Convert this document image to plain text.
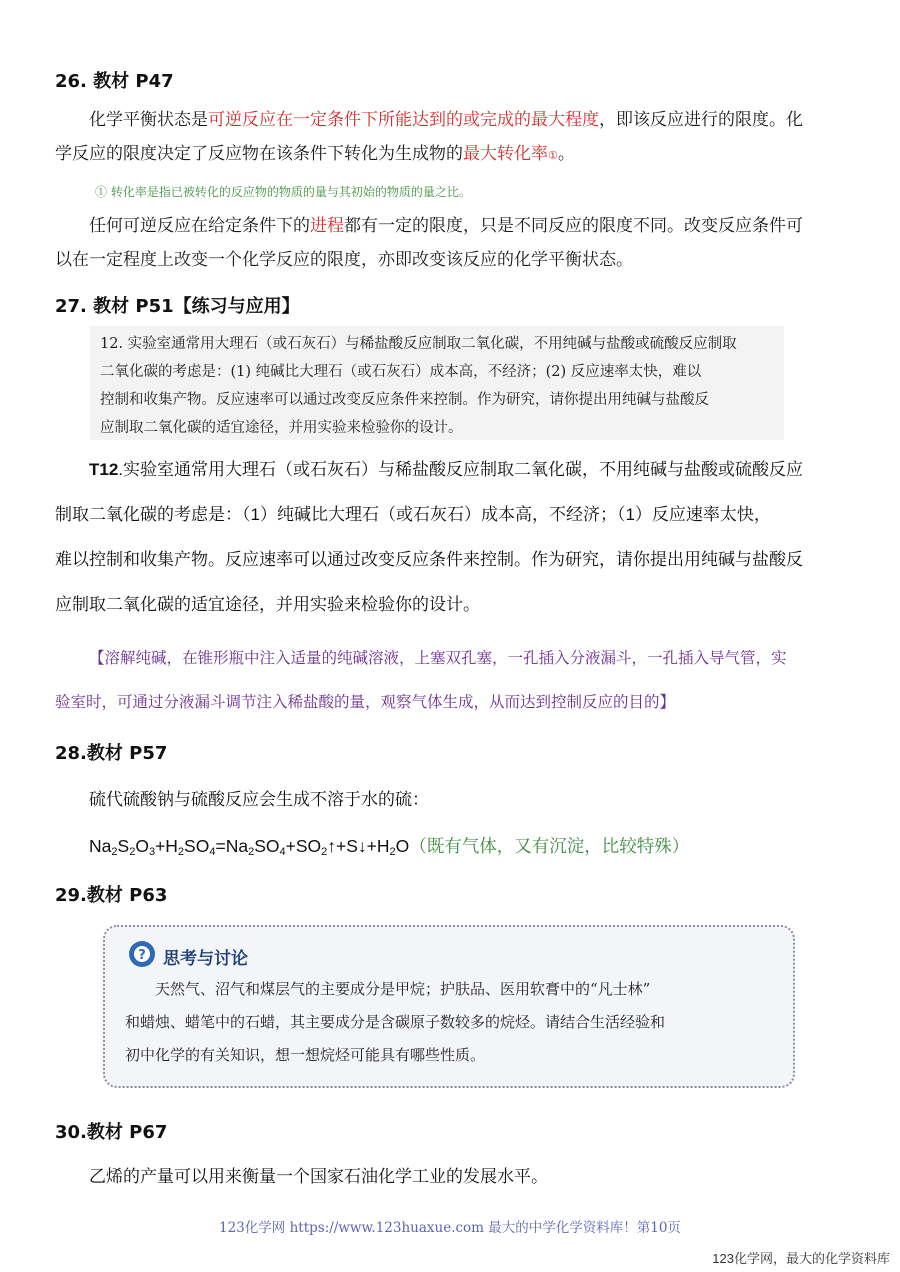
26. 教材 P47

化学平衡状态是可逆反应在一定条件下所能达到的或完成的最大程度，即该反应进行的限度。化

学反应的限度决定了反应物在该条件下转化为生成物的最大转化率①。

① 转化率是指已被转化的反应物的物质的量与其初始的物质的量之比。

任何可逆反应在给定条件下的进程都有一定的限度，只是不同反应的限度不同。改变反应条件可

以在一定程度上改变一个化学反应的限度，亦即改变该反应的化学平衡状态。

27. 教材 P51【练习与应用】
12. 实验室通常用大理石（或石灰石）与稀盐酸反应制取二氧化碳，不用纯碱与盐酸或硫酸反应制取
二氧化碳的考虑是：(1) 纯碱比大理石（或石灰石）成本高，不经济；(2) 反应速率太快，难以
控制和收集产物。反应速率可以通过改变反应条件来控制。作为研究，请你提出用纯碱与盐酸反
应制取二氧化碳的适宜途径，并用实验来检验你的设计。
T12.实验室通常用大理石（或石灰石）与稀盐酸反应制取二氧化碳，不用纯碱与盐酸或硫酸反应
制取二氧化碳的考虑是：（1）纯碱比大理石（或石灰石）成本高，不经济；（1）反应速率太快，
难以控制和收集产物。反应速率可以通过改变反应条件来控制。作为研究，请你提出用纯碱与盐酸反
应制取二氧化碳的适宜途径，并用实验来检验你的设计。
【溶解纯碱，在锥形瓶中注入适量的纯碱溶液，上塞双孔塞，一孔插入分液漏斗，一孔插入导气管，实
验室时，可通过分液漏斗调节注入稀盐酸的量，观察气体生成，从而达到控制反应的目的】
28.教材 P57
硫代硫酸钠与硫酸反应会生成不溶于水的硫：
$Na_2S_2O_3+H_2SO_4=Na_2SO_4+SO_2↑+S↓+H_2O$（既有气体，又有沉淀，比较特殊）
29.教材 P63
? 思考与讨论
天然气、沼气和煤层气的主要成分是甲烷；护肤品、医用软膏中的“凡士林”
和蜡烛、蜡笔中的石蜡，其主要成分是含碳原子数较多的烷烃。请结合生活经验和
初中化学的有关知识，想一想烷烃可能具有哪些性质。
30.教材 P67
乙烯的产量可以用来衡量一个国家石油化学工业的发展水平。
123化学网 https://www.123huaxue.com 最大的中学化学资料库！第10页
123化学网，最大的化学资料库
